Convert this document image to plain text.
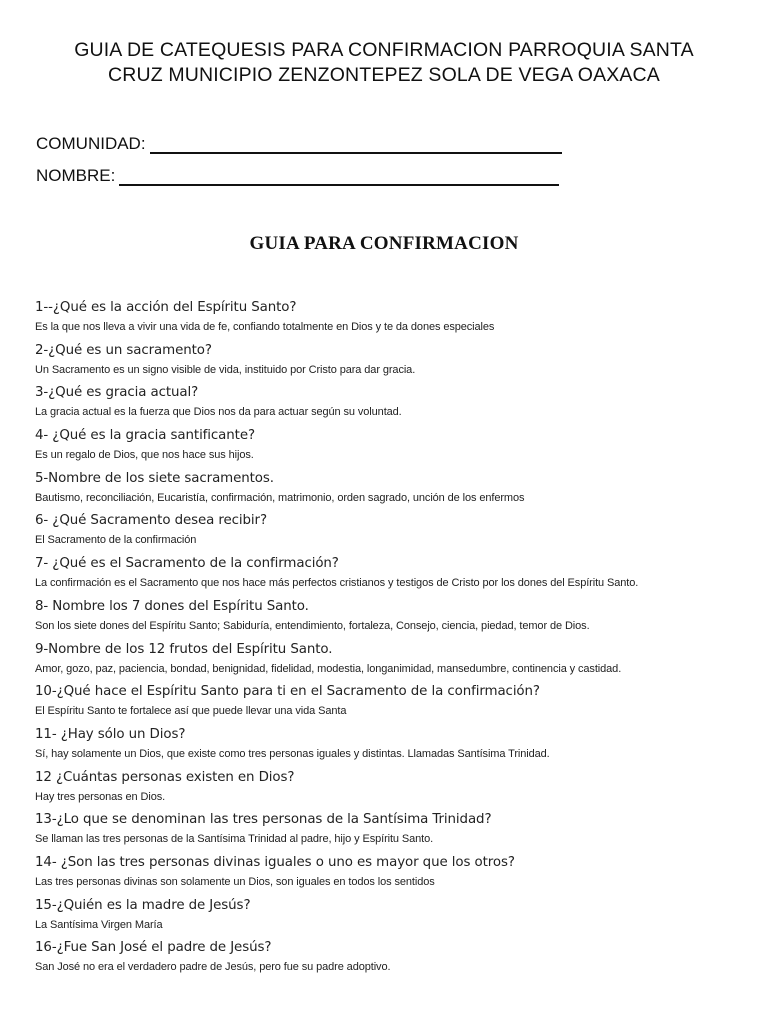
GUIA DE CATEQUESIS PARA CONFIRMACION PARROQUIA SANTA
CRUZ MUNICIPIO ZENZONTEPEZ SOLA DE VEGA OAXACA
COMUNIDAD:
NOMBRE:
GUIA PARA CONFIRMACION
1--¿Qué es la acción del Espíritu Santo?
Es la que nos lleva a vivir una vida de fe, confiando totalmente en Dios y te da dones especiales
2-¿Qué es un sacramento?
Un Sacramento es un signo visible de vida, instituido por Cristo para dar gracia.
3-¿Qué es gracia actual?
La gracia actual es la fuerza que Dios nos da para actuar según su voluntad.
4- ¿Qué es la gracia santificante?
Es un regalo de Dios, que nos hace sus hijos.
5-Nombre de los siete sacramentos.
Bautismo, reconciliación, Eucaristía, confirmación, matrimonio, orden sagrado, unción de los enfermos
6- ¿Qué Sacramento desea recibir?
El Sacramento de la confirmación
7- ¿Qué es el Sacramento de la confirmación?
La confirmación es el Sacramento que nos hace más perfectos cristianos y testigos de Cristo por los dones del Espíritu Santo.
8- Nombre los 7 dones del Espíritu Santo.
Son los siete dones del Espíritu Santo; Sabiduría, entendimiento, fortaleza, Consejo, ciencia, piedad, temor de Dios.
9-Nombre de los 12 frutos del Espíritu Santo.
Amor, gozo, paz, paciencia, bondad, benignidad, fidelidad, modestia, longanimidad, mansedumbre, continencia y castidad.
10-¿Qué hace el Espíritu Santo para ti en el Sacramento de la confirmación?
El Espíritu Santo te fortalece así que puede llevar una vida Santa
11- ¿Hay sólo un Dios?
Sí, hay solamente un Dios, que existe como tres personas iguales y distintas. Llamadas Santísima Trinidad.
12 ¿Cuántas personas existen en Dios?
Hay tres personas en Dios.
13-¿Lo que se denominan las tres personas de la Santísima Trinidad?
Se llaman las tres personas de la Santísima Trinidad al padre, hijo y Espíritu Santo.
14- ¿Son las tres personas divinas iguales o uno es mayor que los otros?
Las tres personas divinas son solamente un Dios, son iguales en todos los sentidos
15-¿Quién es la madre de Jesús?
La Santísima Virgen María
16-¿Fue San José el padre de Jesús?
San José no era el verdadero padre de Jesús, pero fue su padre adoptivo.
